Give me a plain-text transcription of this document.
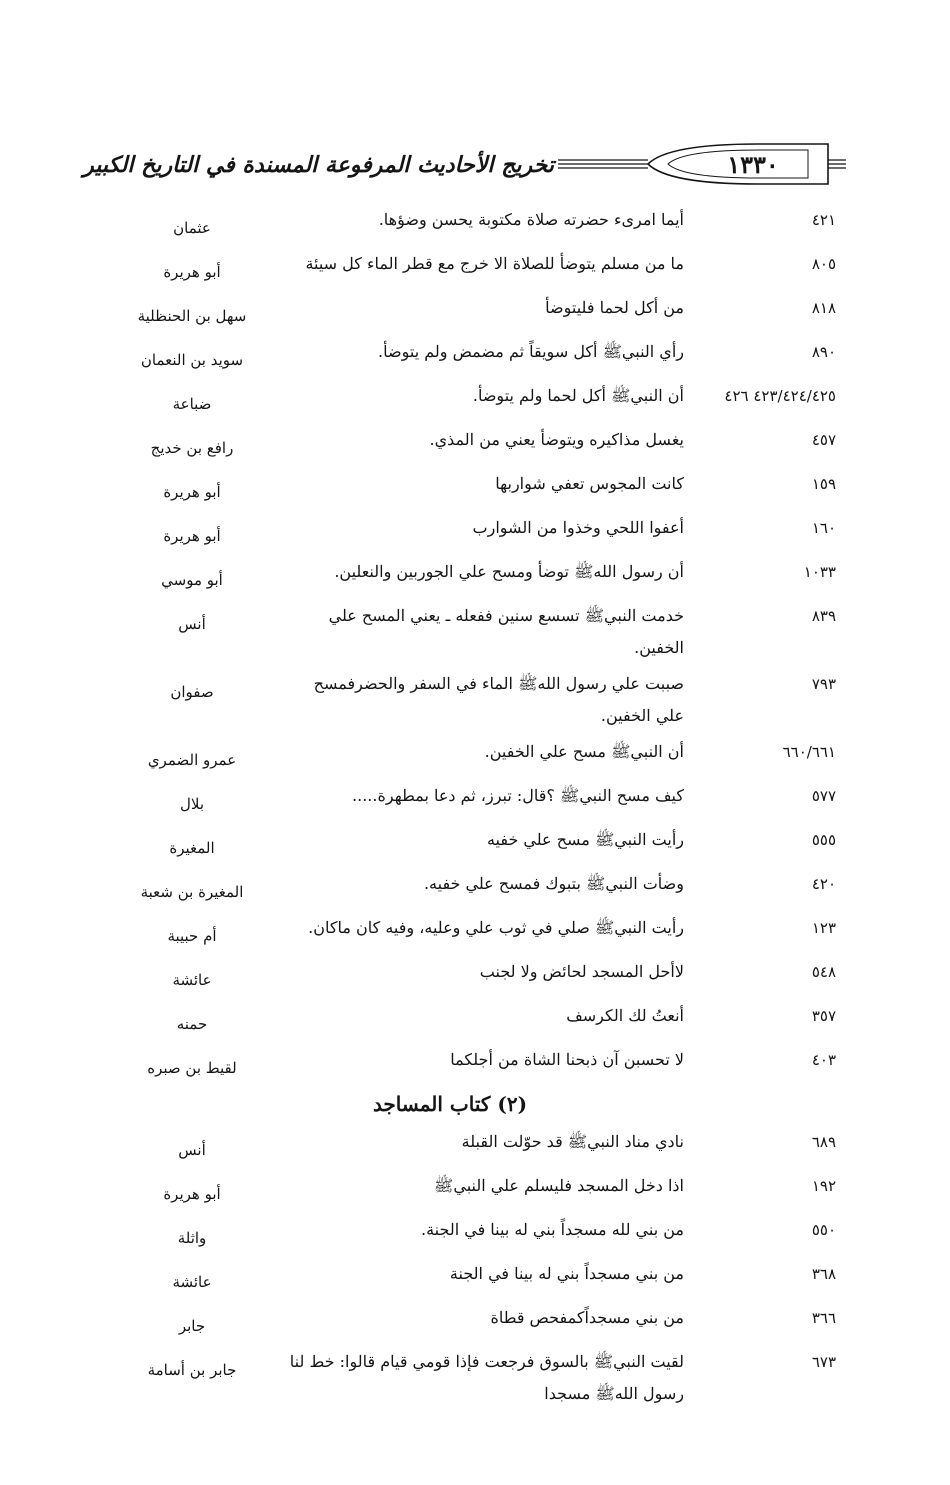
١٣٣٠
تخريج الأحاديث المرفوعة المسندة في التاريخ الكبير
٤٢١
أيما امرىء حضرته صلاة مكتوبة يحسن وضؤها.
عثمان
٨٠٥
ما من مسلم يتوضأ للصلاة الا خرج مع قطر الماء كل سيئة
أبو هريرة
٨١٨
من أكل لحما فليتوضأ
سهل بن الحنظلية
٨٩٠
رأي النبيﷺ أكل سويقاً ثم مضمض ولم يتوضأ.
سويد بن النعمان
٤٢٣/٤٢٤/٤٢٥ ٤٢٦
أن النبيﷺ أكل لحما ولم يتوضأ.
ضباعة
٤٥٧
يغسل مذاكيره ويتوضأ يعني من المذي.
رافع بن خديج
١٥٩
كانت المجوس تعفي شواربها
أبو هريرة
١٦٠
أعفوا اللحي وخذوا من الشوارب
أبو هريرة
١٠٣٣
أن رسول اللهﷺ توضأ ومسح علي الجوربين والنعلين.
أبو موسي
٨٣٩
خدمت النبيﷺ تسسع سنين ففعله ـ يعني المسح علي الخفين.
أنس
٧٩٣
صببت علي رسول اللهﷺ الماء في السفر والحضرفمسح علي الخفين.
صفوان
٦٦٠/٦٦١
أن النبيﷺ مسح علي الخفين.
عمرو الضمري
٥٧٧
كيف مسح النبيﷺ ؟قال: تبرز، ثم دعا بمطهرة.....
بلال
٥٥٥
رأيت النبيﷺ مسح علي خفيه
المغيرة
٤٢٠
وضأت النبيﷺ بتبوك فمسح علي خفيه.
المغيرة بن شعبة
١٢٣
رأيت النبيﷺ صلي في ثوب علي وعليه، وفيه كان ماكان.
أم حبيبة
٥٤٨
لاأحل المسجد لحائض ولا لجنب
عائشة
٣٥٧
أنعتُ لك الكرسف
حمنه
٤٠٣
لا تحسبن آن ذبحنا الشاة من أجلكما
لقيط بن صبره
(٢) كتاب المساجد
٦٨٩
نادي مناد النبيﷺ قد حوّلت القبلة
أنس
١٩٢
اذا دخل المسجد فليسلم علي النبيﷺ
أبو هريرة
٥٥٠
من بني لله مسجداً بني له بينا في الجنة.
واثلة
٣٦٨
من بني مسجداً بني له بينا في الجنة
عائشة
٣٦٦
من بني مسجداًكمفحص قطاة
جابر
٦٧٣
لقيت النبيﷺ بالسوق فرجعت فإذا قومي قيام قالوا: خط لنا رسول اللهﷺ مسجدا
جابر بن أسامة
